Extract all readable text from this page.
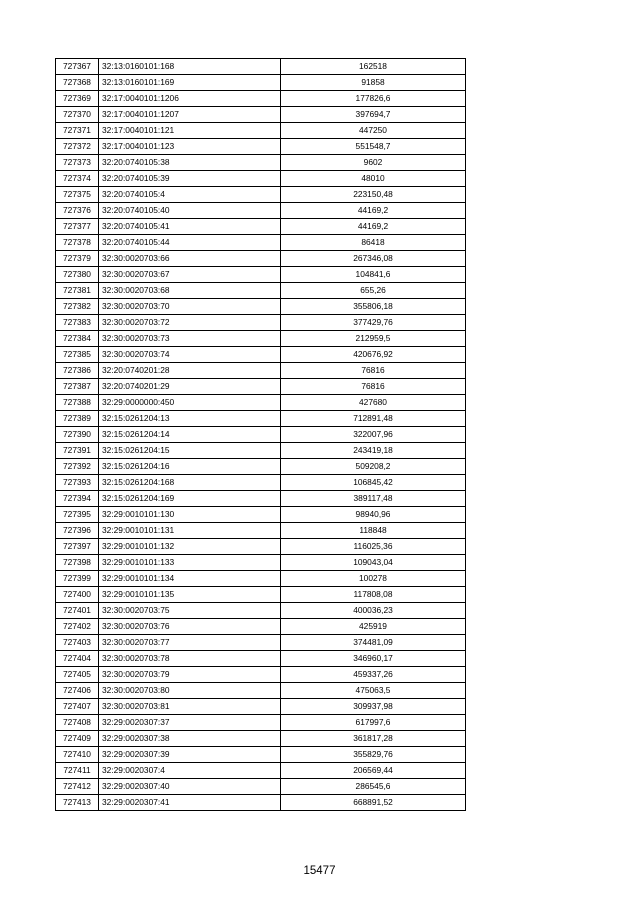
727367	32:13:0160101:168	162518
727368	32:13:0160101:169	91858
727369	32:17:0040101:1206	177826,6
727370	32:17:0040101:1207	397694,7
727371	32:17:0040101:121	447250
727372	32:17:0040101:123	551548,7
727373	32:20:0740105:38	9602
727374	32:20:0740105:39	48010
727375	32:20:0740105:4	223150,48
727376	32:20:0740105:40	44169,2
727377	32:20:0740105:41	44169,2
727378	32:20:0740105:44	86418
727379	32:30:0020703:66	267346,08
727380	32:30:0020703:67	104841,6
727381	32:30:0020703:68	655,26
727382	32:30:0020703:70	355806,18
727383	32:30:0020703:72	377429,76
727384	32:30:0020703:73	212959,5
727385	32:30:0020703:74	420676,92
727386	32:20:0740201:28	76816
727387	32:20:0740201:29	76816
727388	32:29:0000000:450	427680
727389	32:15:0261204:13	712891,48
727390	32:15:0261204:14	322007,96
727391	32:15:0261204:15	243419,18
727392	32:15:0261204:16	509208,2
727393	32:15:0261204:168	106845,42
727394	32:15:0261204:169	389117,48
727395	32:29:0010101:130	98940,96
727396	32:29:0010101:131	118848
727397	32:29:0010101:132	116025,36
727398	32:29:0010101:133	109043,04
727399	32:29:0010101:134	100278
727400	32:29:0010101:135	117808,08
727401	32:30:0020703:75	400036,23
727402	32:30:0020703:76	425919
727403	32:30:0020703:77	374481,09
727404	32:30:0020703:78	346960,17
727405	32:30:0020703:79	459337,26
727406	32:30:0020703:80	475063,5
727407	32:30:0020703:81	309937,98
727408	32:29:0020307:37	617997,6
727409	32:29:0020307:38	361817,28
727410	32:29:0020307:39	355829,76
727411	32:29:0020307:4	206569,44
727412	32:29:0020307:40	286545,6
727413	32:29:0020307:41	668891,52
15477
